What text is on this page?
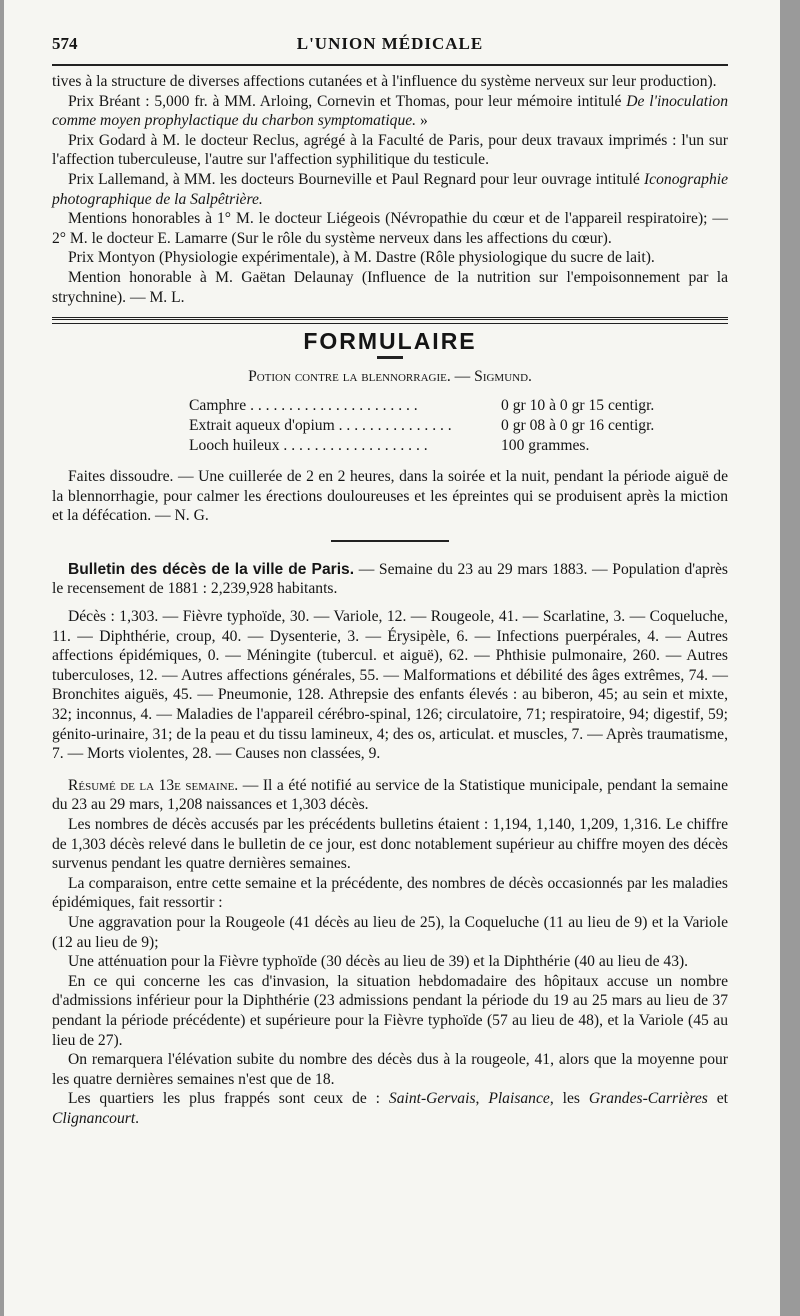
574	L'UNION MÉDICALE

tives à la structure de diverses affections cutanées et à l'influence du système nerveux sur leur production).

Prix Bréant : 5,000 fr. à MM. Arloing, Cornevin et Thomas, pour leur mémoire intitulé De l'inoculation comme moyen prophylactique du charbon symptomatique. »

Prix Godard à M. le docteur Reclus, agrégé à la Faculté de Paris, pour deux travaux imprimés : l'un sur l'affection tuberculeuse, l'autre sur l'affection syphilitique du testicule.

Prix Lallemand, à MM. les docteurs Bourneville et Paul Regnard pour leur ouvrage intitulé Iconographie photographique de la Salpêtrière.

Mentions honorables à 1° M. le docteur Liégeois (Névropathie du cœur et de l'appareil respiratoire); — 2° M. le docteur E. Lamarre (Sur le rôle du système nerveux dans les affections du cœur).

Prix Montyon (Physiologie expérimentale), à M. Dastre (Rôle physiologique du sucre de lait).

Mention honorable à M. Gaëtan Delaunay (Influence de la nutrition sur l'empoisonnement par la strychnine). — M. L.

FORMULAIRE
Potion contre la blennorragie. — Sigmund.
Camphre . . . . . . . . . . . . . . . . . . . . . .	0 gr 10 à 0 gr 15 centigr.
Extrait aqueux d'opium . . . . . . . . . . . . . . .	0 gr 08 à 0 gr 16 centigr.
Looch huileux . . . . . . . . . . . . . . . . . . .	100 grammes.

Faites dissoudre. — Une cuillerée de 2 en 2 heures, dans la soirée et la nuit, pendant la période aiguë de la blennorrhagie, pour calmer les érections douloureuses et les épreintes qui se produisent après la miction et la défécation. — N. G.

Bulletin des décès de la ville de Paris. — Semaine du 23 au 29 mars 1883. — Population d'après le recensement de 1881 : 2,239,928 habitants.

Décès : 1,303. — Fièvre typhoïde, 30. — Variole, 12. — Rougeole, 41. — Scarlatine, 3. — Coqueluche, 11. — Diphthérie, croup, 40. — Dysenterie, 3. — Érysipèle, 6. — Infections puerpérales, 4. — Autres affections épidémiques, 0. — Méningite (tubercul. et aiguë), 62. — Phthisie pulmonaire, 260. — Autres tuberculoses, 12. — Autres affections générales, 55. — Malformations et débilité des âges extrêmes, 74. — Bronchites aiguës, 45. — Pneumonie, 128. Athrepsie des enfants élevés : au biberon, 45; au sein et mixte, 32; inconnus, 4. — Maladies de l'appareil cérébro-spinal, 126; circulatoire, 71; respiratoire, 94; digestif, 59; génito-urinaire, 31; de la peau et du tissu lamineux, 4; des os, articulat. et muscles, 7. — Après traumatisme, 7. — Morts violentes, 28. — Causes non classées, 9.

Résumé de la 13e semaine. — Il a été notifié au service de la Statistique municipale, pendant la semaine du 23 au 29 mars, 1,208 naissances et 1,303 décès.

Les nombres de décès accusés par les précédents bulletins étaient : 1,194, 1,140, 1,209, 1,316. Le chiffre de 1,303 décès relevé dans le bulletin de ce jour, est donc notablement supérieur au chiffre moyen des décès survenus pendant les quatre dernières semaines.

La comparaison, entre cette semaine et la précédente, des nombres de décès occasionnés par les maladies épidémiques, fait ressortir :

Une aggravation pour la Rougeole (41 décès au lieu de 25), la Coqueluche (11 au lieu de 9) et la Variole (12 au lieu de 9);

Une atténuation pour la Fièvre typhoïde (30 décès au lieu de 39) et la Diphthérie (40 au lieu de 43).

En ce qui concerne les cas d'invasion, la situation hebdomadaire des hôpitaux accuse un nombre d'admissions inférieur pour la Diphthérie (23 admissions pendant la période du 19 au 25 mars au lieu de 37 pendant la période précédente) et supérieure pour la Fièvre typhoïde (57 au lieu de 48), et la Variole (45 au lieu de 27).

On remarquera l'élévation subite du nombre des décès dus à la rougeole, 41, alors que la moyenne pour les quatre dernières semaines n'est que de 18.

Les quartiers les plus frappés sont ceux de : Saint-Gervais, Plaisance, les Grandes-Carrières et Clignancourt.
